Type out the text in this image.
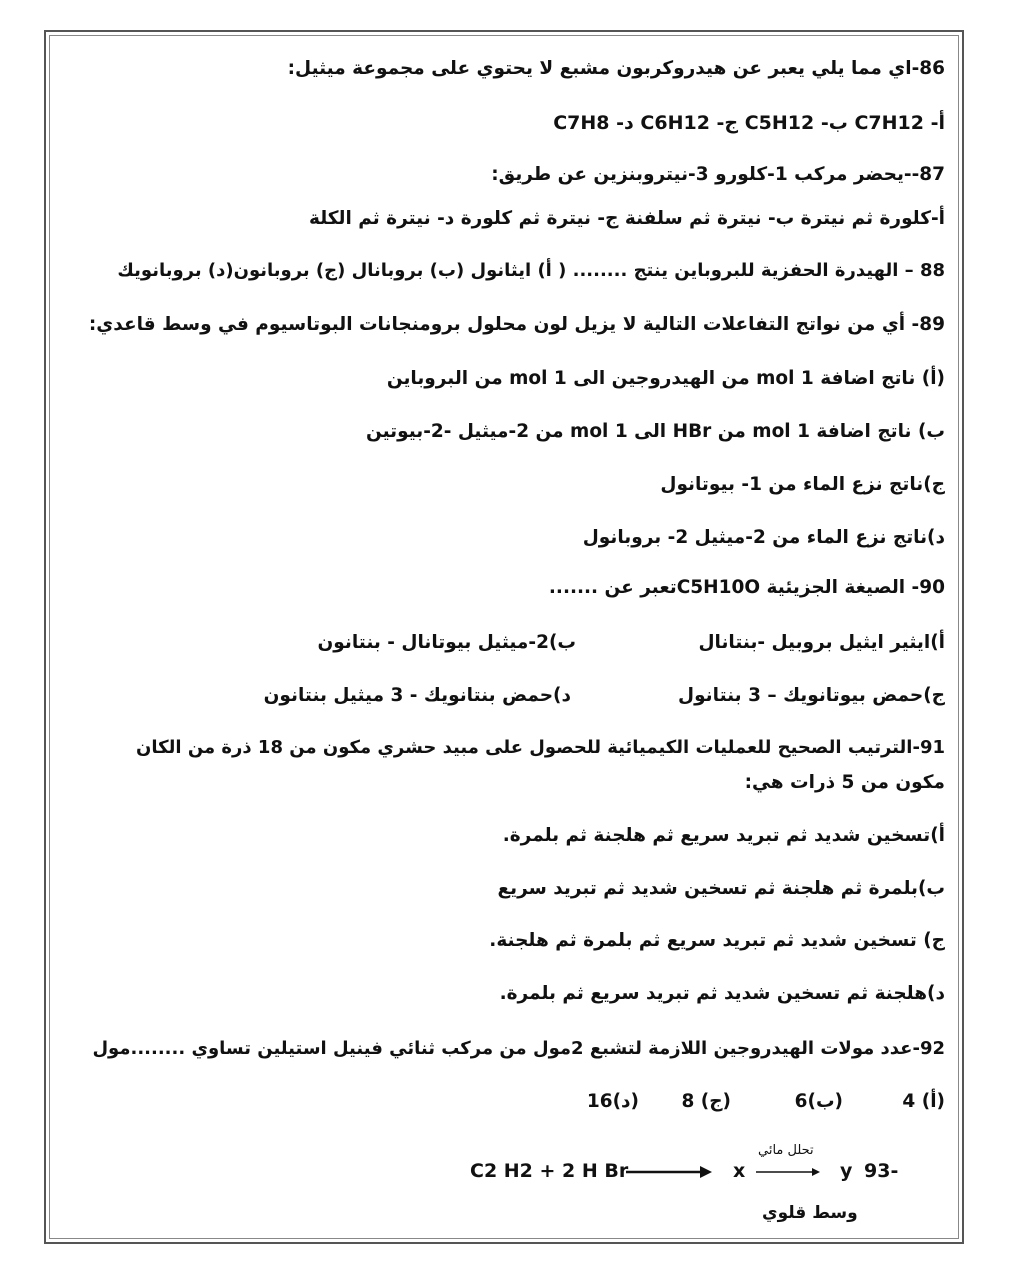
86-اي مما يلي يعبر عن هيدروكربون مشبع لا يحتوي على مجموعة ميثيل:
أ- C7H12 ب- C5H12 ج- C6H12 د- C7H8
87--يحضر مركب 1-كلورو 3-نيتروبنزين عن طريق:
أ-كلورة ثم نيترة ب- نيترة ثم سلفنة ج- نيترة ثم كلورة د- نيترة ثم الكلة
88 – الهيدرة الحفزية للبروباين ينتج ........ ( أ) ايثانول (ب) بروبانال (ج) بروبانون(د) بروبانويك
89- أي من نواتج التفاعلات التالية لا يزيل لون محلول برومنجانات البوتاسيوم في وسط قاعدي:
(أ) ناتج اضافة 1 mol من الهيدروجين الى 1 mol من البروباين
ب) ناتج اضافة 1 mol من HBr الى 1 mol من 2-ميثيل -2-بيوتين
ج)ناتج نزع الماء من 1- بيوتانول
د)ناتج نزع الماء من 2-ميثيل 2- بروبانول
90- الصيغة الجزيئية C5H10Oتعبر عن .......
أ)ايثير ايثيل بروبيل -بنتانال
ب)2-ميثيل بيوتانال - بنتانون
ج)حمض بيوتانويك – 3 بنتانول
د)حمض بنتانويك - 3 ميثيل بنتانون
91-الترتيب الصحيح للعمليات الكيميائية للحصول على مبيد حشري مكون من 18 ذرة من الكان
مكون من 5 ذرات هي:
أ)تسخين شديد ثم تبريد سريع ثم هلجنة ثم بلمرة.
ب)بلمرة ثم هلجنة ثم تسخين شديد ثم تبريد سريع
ج) تسخين شديد ثم تبريد سريع ثم بلمرة ثم هلجنة.
د)هلجنة ثم تسخين شديد ثم تبريد سريع ثم بلمرة.
92-عدد مولات الهيدروجين اللازمة لتشبع 2مول من مركب ثنائي فينيل استيلين تساوي ........مول
(أ) 4
(ب)6
(ج) 8
(د)16
C2 H2 + 2 H Br	x
تحلل مائي
y 93-
وسط قلوي
